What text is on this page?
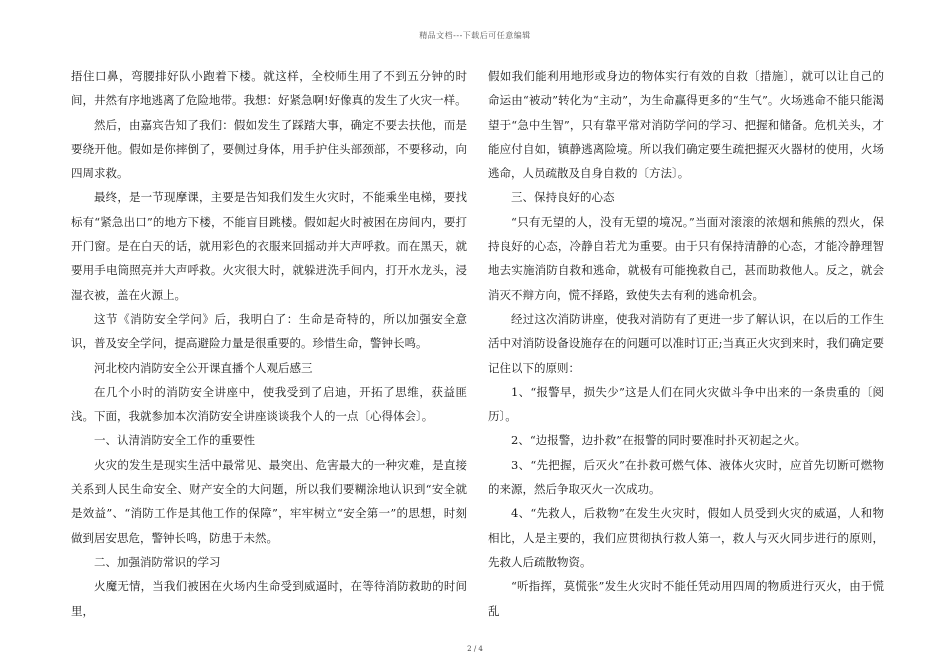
精品文档---下载后可任意编辑

捂住口鼻，弯腰排好队小跑着下楼。就这样，全校师生用了不到五分钟的时间，井然有序地逃离了危险地带。我想：好紧急啊!好像真的发生了火灾一样。

然后，由嘉宾告知了我们：假如发生了踩踏大事，确定不要去扶他，而是要绕开他。假如是你摔倒了，要侧过身体，用手护住头部颈部，不要移动，向四周求救。

最终，是一节现摩课，主要是告知我们发生火灾时，不能乘坐电梯，要找标有“紧急出口”的地方下楼，不能盲目跳楼。假如起火时被困在房间内，要打开门窗。是在白天的话，就用彩色的衣服来回摇动并大声呼救。而在黑天，就要用手电筒照亮并大声呼救。火灾很大时，就躲进洗手间内，打开水龙头，浸湿衣被，盖在火源上。

这节《消防安全学问》后，我明白了：生命是奇特的，所以加强安全意识，普及安全学问，提高避险力量是很重要的。珍惜生命，警钟长鸣。

河北校内消防安全公开课直播个人观后感三

在几个小时的消防安全讲座中，使我受到了启迪，开拓了思维，获益匪浅。下面，我就参加本次消防安全讲座谈谈我个人的一点〔心得体会〕。

一、认清消防安全工作的重要性

火灾的发生是现实生活中最常见、最突出、危害最大的一种灾难，是直接关系到人民生命安全、财产安全的大问题，所以我们要糊涂地认识到“安全就是效益”、“消防工作是其他工作的保障”，牢牢树立“安全第一”的思想，时刻做到居安思危，警钟长鸣，防患于未然。

二、加强消防常识的学习

火魔无情，当我们被困在火场内生命受到威逼时，在等待消防救助的时间里，

假如我们能利用地形或身边的物体实行有效的自救〔措施〕，就可以让自己的命运由“被动”转化为“主动”，为生命赢得更多的“生气”。火场逃命不能只能渴望于“急中生智”，只有靠平常对消防学问的学习、把握和储备。危机关头，才能应付自如，镇静逃离险境。所以我们确定要生疏把握灭火器材的使用，火场逃命，人员疏散及自身自救的〔方法〕。

三、保持良好的心态

“只有无望的人，没有无望的境况。”当面对滚滚的浓烟和熊熊的烈火，保持良好的心态，冷静自若尤为重要。由于只有保持清静的心态，才能冷静理智地去实施消防自救和逃命，就极有可能挽救自己，甚而助救他人。反之，就会消灭不辩方向，慌不择路，致使失去有利的逃命机会。

经过这次消防讲座，使我对消防有了更进一步了解认识，在以后的工作生活中对消防设备设施存在的问题可以准时订正;当真正火灾到来时，我们确定要记住以下的原则：

1、“报警早，损失少”这是人们在同火灾做斗争中出来的一条贵重的〔阅历〕。

2、“边报警，边扑救”在报警的同时要准时扑灭初起之火。

3、“先把握，后灭火”在扑救可燃气体、液体火灾时，应首先切断可燃物的来源，然后争取灭火一次成功。

4、“先救人，后救物”在发生火灾时，假如人员受到火灾的威逼，人和物相比，人是主要的，我们应贯彻执行救人第一，救人与灭火同步进行的原则，先救人后疏散物资。

“听指挥，莫慌张”发生火灾时不能任凭动用四周的物质进行灭火，由于慌乱

2 / 4
